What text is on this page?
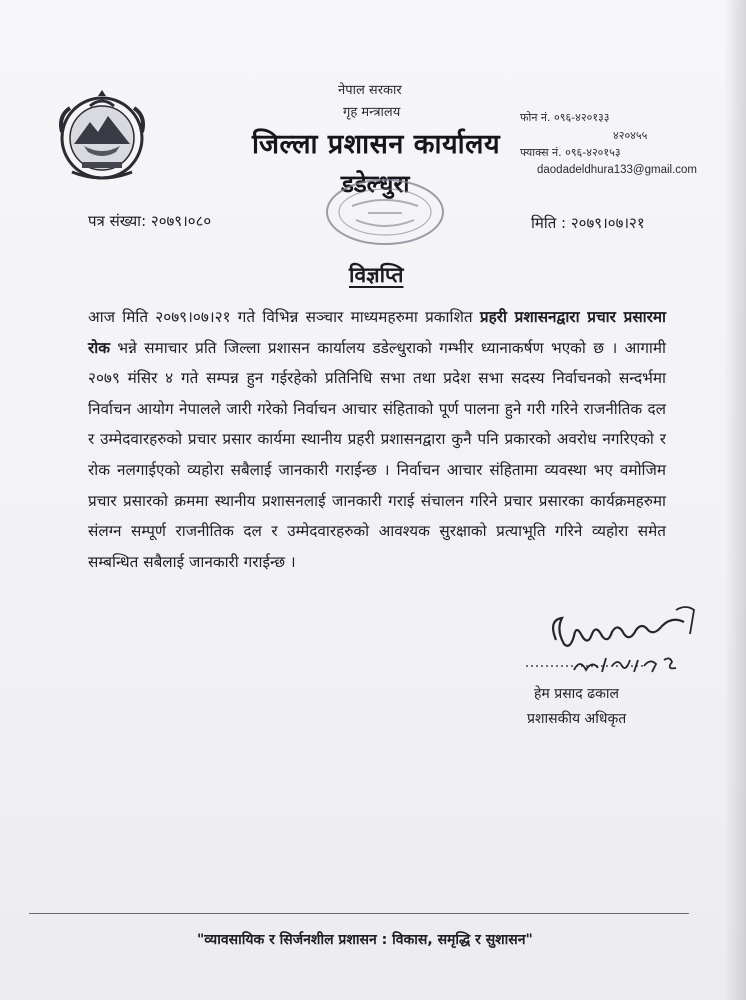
नेपाल सरकार
गृह मन्त्रालय
जिल्ला प्रशासन कार्यालय
डडेल्धुरा
फोन नं. ०९६-४२०१३३
४२०४५५
फ्याक्स नं. ०९६-४२०१५३
daodadeldhura133@gmail.com
पत्र संख्या: २०७९।०८०	मिति : २०७९।०७।२१
विज्ञप्ति
आज मिति २०७९।०७।२१ गते विभिन्न सञ्चार माध्यमहरुमा प्रकाशित प्रहरी प्रशासनद्वारा प्रचार प्रसारमा रोक भन्ने समाचार प्रति जिल्ला प्रशासन कार्यालय डडेल्धुराको गम्भीर ध्यानाकर्षण भएको छ । आगामी २०७९ मंसिर ४ गते सम्पन्न हुन गईरहेको प्रतिनिधि सभा तथा प्रदेश सभा सदस्य निर्वाचनको सन्दर्भमा निर्वाचन आयोग नेपालले जारी गरेको निर्वाचन आचार संहिताको पूर्ण पालना हुने गरी गरिने राजनीतिक दल र उम्मेदवारहरुको प्रचार प्रसार कार्यमा स्थानीय प्रहरी प्रशासनद्वारा कुनै पनि प्रकारको अवरोध नगरिएको र रोक नलगाईएको व्यहोरा सबैलाई जानकारी गराईन्छ । निर्वाचन आचार संहितामा व्यवस्था भए वमोजिम प्रचार प्रसारको क्रममा स्थानीय प्रशासनलाई जानकारी गराई संचालन गरिने प्रचार प्रसारका कार्यक्रमहरुमा संलग्न सम्पूर्ण राजनीतिक दल र उम्मेदवारहरुको आवश्यक सुरक्षाको प्रत्याभूति गरिने व्यहोरा समेत सम्बन्धित सबैलाई जानकारी गराईन्छ ।
हेम प्रसाद ढकाल
प्रशासकीय अधिकृत
"व्यावसायिक र सिर्जनशील प्रशासन : विकास, समृद्धि र सुशासन"
